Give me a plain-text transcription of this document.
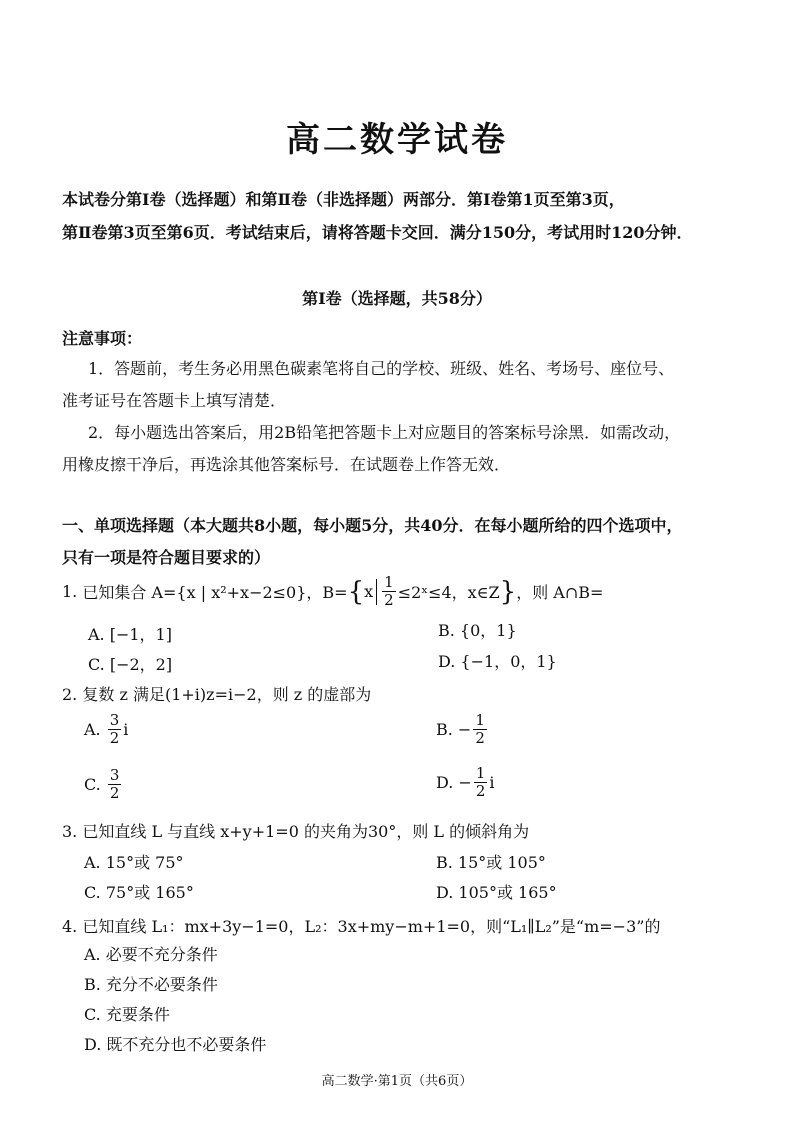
高二数学试卷
本试卷分第Ⅰ卷（选择题）和第Ⅱ卷（非选择题）两部分．第Ⅰ卷第1页至第3页，
第Ⅱ卷第3页至第6页．考试结束后，请将答题卡交回．满分150分，考试用时120分钟．
第Ⅰ卷（选择题，共58分）
注意事项：
1．答题前，考生务必用黑色碳素笔将自己的学校、班级、姓名、考场号、座位号、
准考证号在答题卡上填写清楚．
2．每小题选出答案后，用2B铅笔把答题卡上对应题目的答案标号涂黑．如需改动，
用橡皮擦干净后，再选涂其他答案标号．在试题卷上作答无效．
一、单项选择题（本大题共8小题，每小题5分，共40分．在每小题所给的四个选项中，
只有一项是符合题目要求的）
1.
已知集合
A={x | x²+x−2≤0}，B= { x $\frac{1}{2}$ ≤2ˣ≤4，x∈Z } ，则 A∩B=
A. [−1，1]	B. {0，1}
C. [−2，2]	D. {−1，0，1}
2. 复数 z 满足(1+i)z=i−2，则 z 的虚部为
A.
$\frac{3}{2}$ i	B. − $\frac{1}{2}$
C.
$\frac{3}{2}$	D. − $\frac{1}{2}$ i
3. 已知直线 L 与直线 x+y+1=0 的夹角为30°，则 L 的倾斜角为
A. 15°或 75°	B. 15°或 105°
C. 75°或 165°	D. 105°或 165°
4. 已知直线 L₁：mx+3y−1=0，L₂：3x+my−m+1=0，则“L₁∥L₂”是“m=−3”的
A. 必要不充分条件
B. 充分不必要条件
C. 充要条件
D. 既不充分也不必要条件
高二数学·第1页（共6页）
